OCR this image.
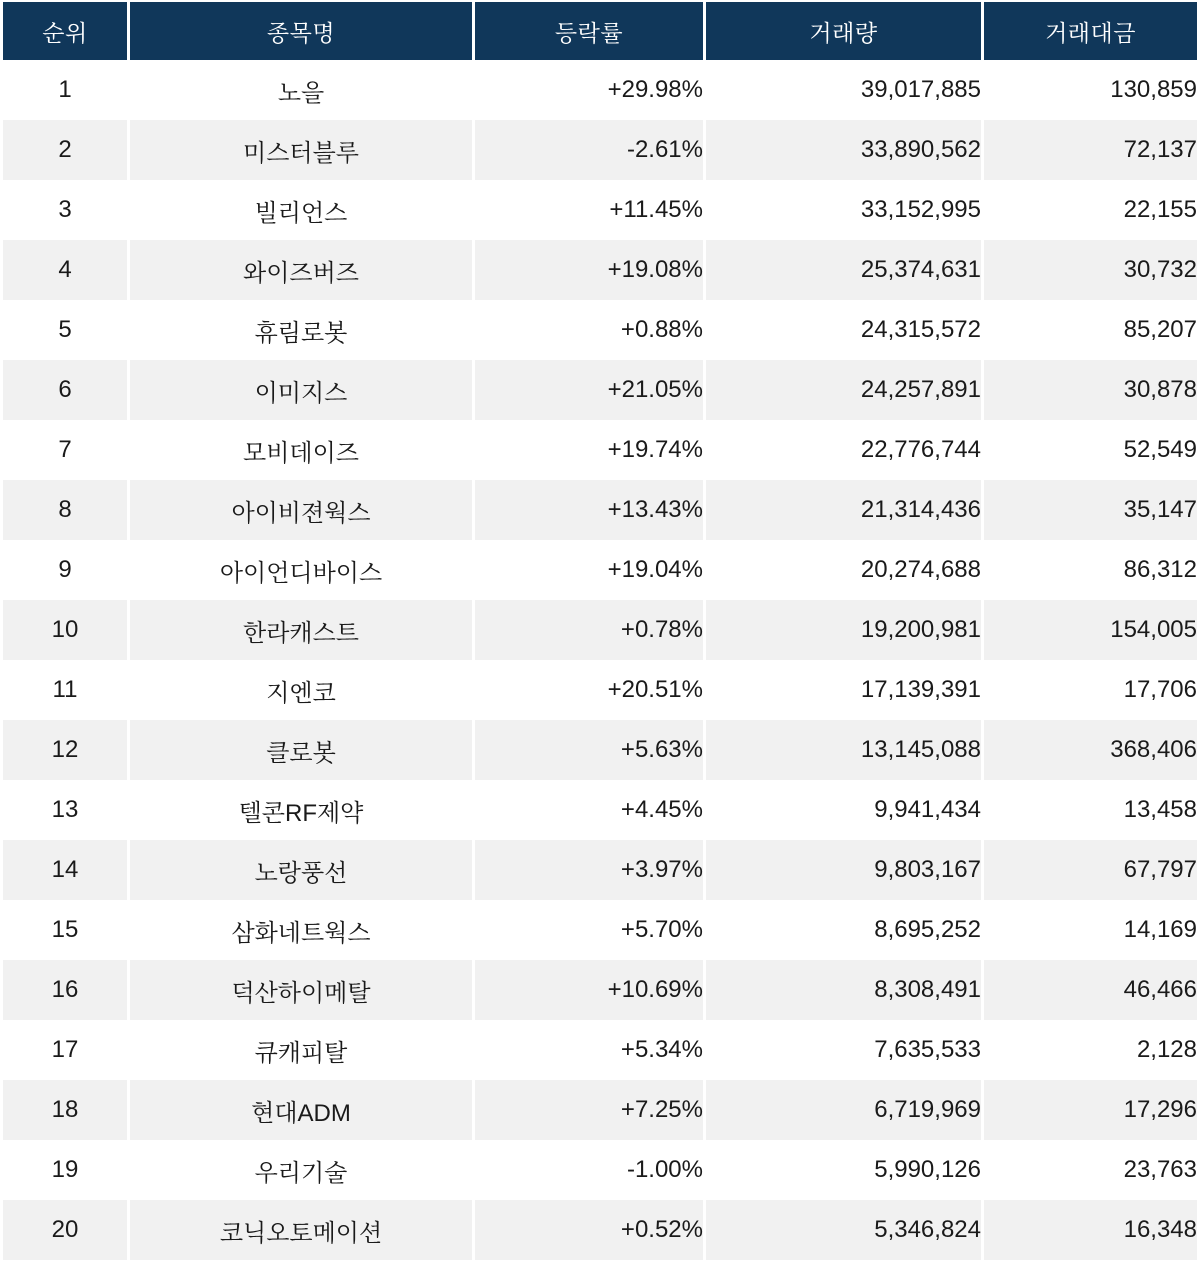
순위	종목명	등락률	거래량	거래대금
1	노을	+29.98%	39,017,885	130,859
2	미스터블루	-2.61%	33,890,562	72,137
3	빌리언스	+11.45%	33,152,995	22,155
4	와이즈버즈	+19.08%	25,374,631	30,732
5	휴림로봇	+0.88%	24,315,572	85,207
6	이미지스	+21.05%	24,257,891	30,878
7	모비데이즈	+19.74%	22,776,744	52,549
8	아이비젼웍스	+13.43%	21,314,436	35,147
9	아이언디바이스	+19.04%	20,274,688	86,312
10	한라캐스트	+0.78%	19,200,981	154,005
11	지엔코	+20.51%	17,139,391	17,706
12	클로봇	+5.63%	13,145,088	368,406
13	텔콘RF제약	+4.45%	9,941,434	13,458
14	노랑풍선	+3.97%	9,803,167	67,797
15	삼화네트웍스	+5.70%	8,695,252	14,169
16	덕산하이메탈	+10.69%	8,308,491	46,466
17	큐캐피탈	+5.34%	7,635,533	2,128
18	현대ADM	+7.25%	6,719,969	17,296
19	우리기술	-1.00%	5,990,126	23,763
20	코닉오토메이션	+0.52%	5,346,824	16,348
